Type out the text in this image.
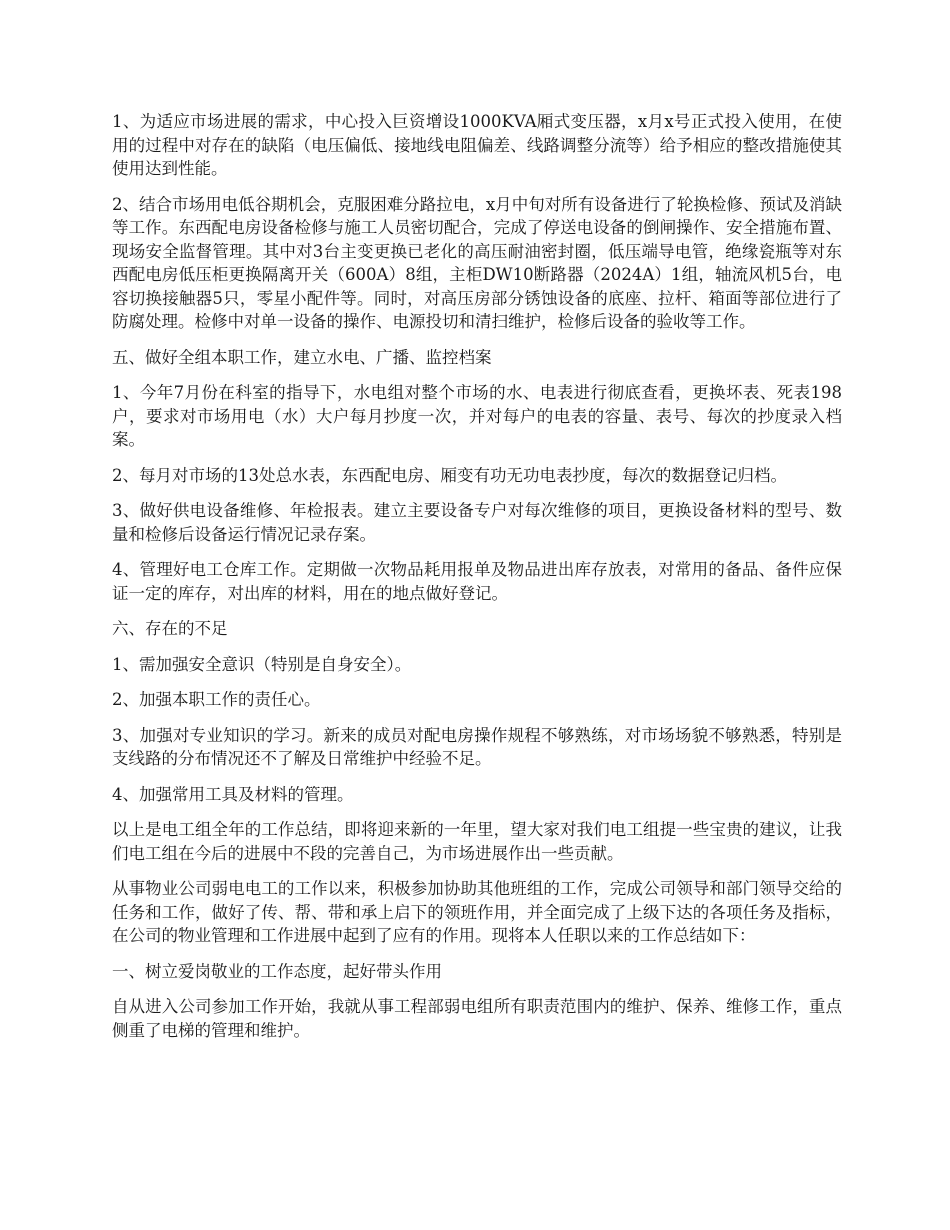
1、为适应市场进展的需求，中心投入巨资增设1000KVA厢式变压器，x月x号正式投入使用，在使用的过程中对存在的缺陷（电压偏低、接地线电阻偏差、线路调整分流等）给予相应的整改措施使其使用达到性能。

2、结合市场用电低谷期机会，克服困难分路拉电，x月中旬对所有设备进行了轮换检修、预试及消缺等工作。东西配电房设备检修与施工人员密切配合，完成了停送电设备的倒闸操作、安全措施布置、现场安全监督管理。其中对3台主变更换已老化的高压耐油密封圈，低压端导电管，绝缘瓷瓶等对东西配电房低压柜更换隔离开关（600A）8组，主柜DW10断路器（2024A）1组，轴流风机5台，电容切换接触器5只，零星小配件等。同时，对高压房部分锈蚀设备的底座、拉杆、箱面等部位进行了防腐处理。检修中对单一设备的操作、电源投切和清扫维护，检修后设备的验收等工作。

五、做好全组本职工作，建立水电、广播、监控档案

1、今年7月份在科室的指导下，水电组对整个市场的水、电表进行彻底查看，更换坏表、死表198户，要求对市场用电（水）大户每月抄度一次，并对每户的电表的容量、表号、每次的抄度录入档案。

2、每月对市场的13处总水表，东西配电房、厢变有功无功电表抄度，每次的数据登记归档。

3、做好供电设备维修、年检报表。建立主要设备专户对每次维修的项目，更换设备材料的型号、数量和检修后设备运行情况记录存案。

4、管理好电工仓库工作。定期做一次物品耗用报单及物品进出库存放表，对常用的备品、备件应保证一定的库存，对出库的材料，用在的地点做好登记。

六、存在的不足

1、需加强安全意识（特别是自身安全）。

2、加强本职工作的责任心。

3、加强对专业知识的学习。新来的成员对配电房操作规程不够熟练，对市场场貌不够熟悉，特别是支线路的分布情况还不了解及日常维护中经验不足。

4、加强常用工具及材料的管理。

以上是电工组全年的工作总结，即将迎来新的一年里，望大家对我们电工组提一些宝贵的建议，让我们电工组在今后的进展中不段的完善自己，为市场进展作出一些贡献。

从事物业公司弱电电工的工作以来，积极参加协助其他班组的工作，完成公司领导和部门领导交给的任务和工作，做好了传、帮、带和承上启下的领班作用，并全面完成了上级下达的各项任务及指标，在公司的物业管理和工作进展中起到了应有的作用。现将本人任职以来的工作总结如下：

一、树立爱岗敬业的工作态度，起好带头作用

自从进入公司参加工作开始，我就从事工程部弱电组所有职责范围内的维护、保养、维修工作，重点侧重了电梯的管理和维护。
